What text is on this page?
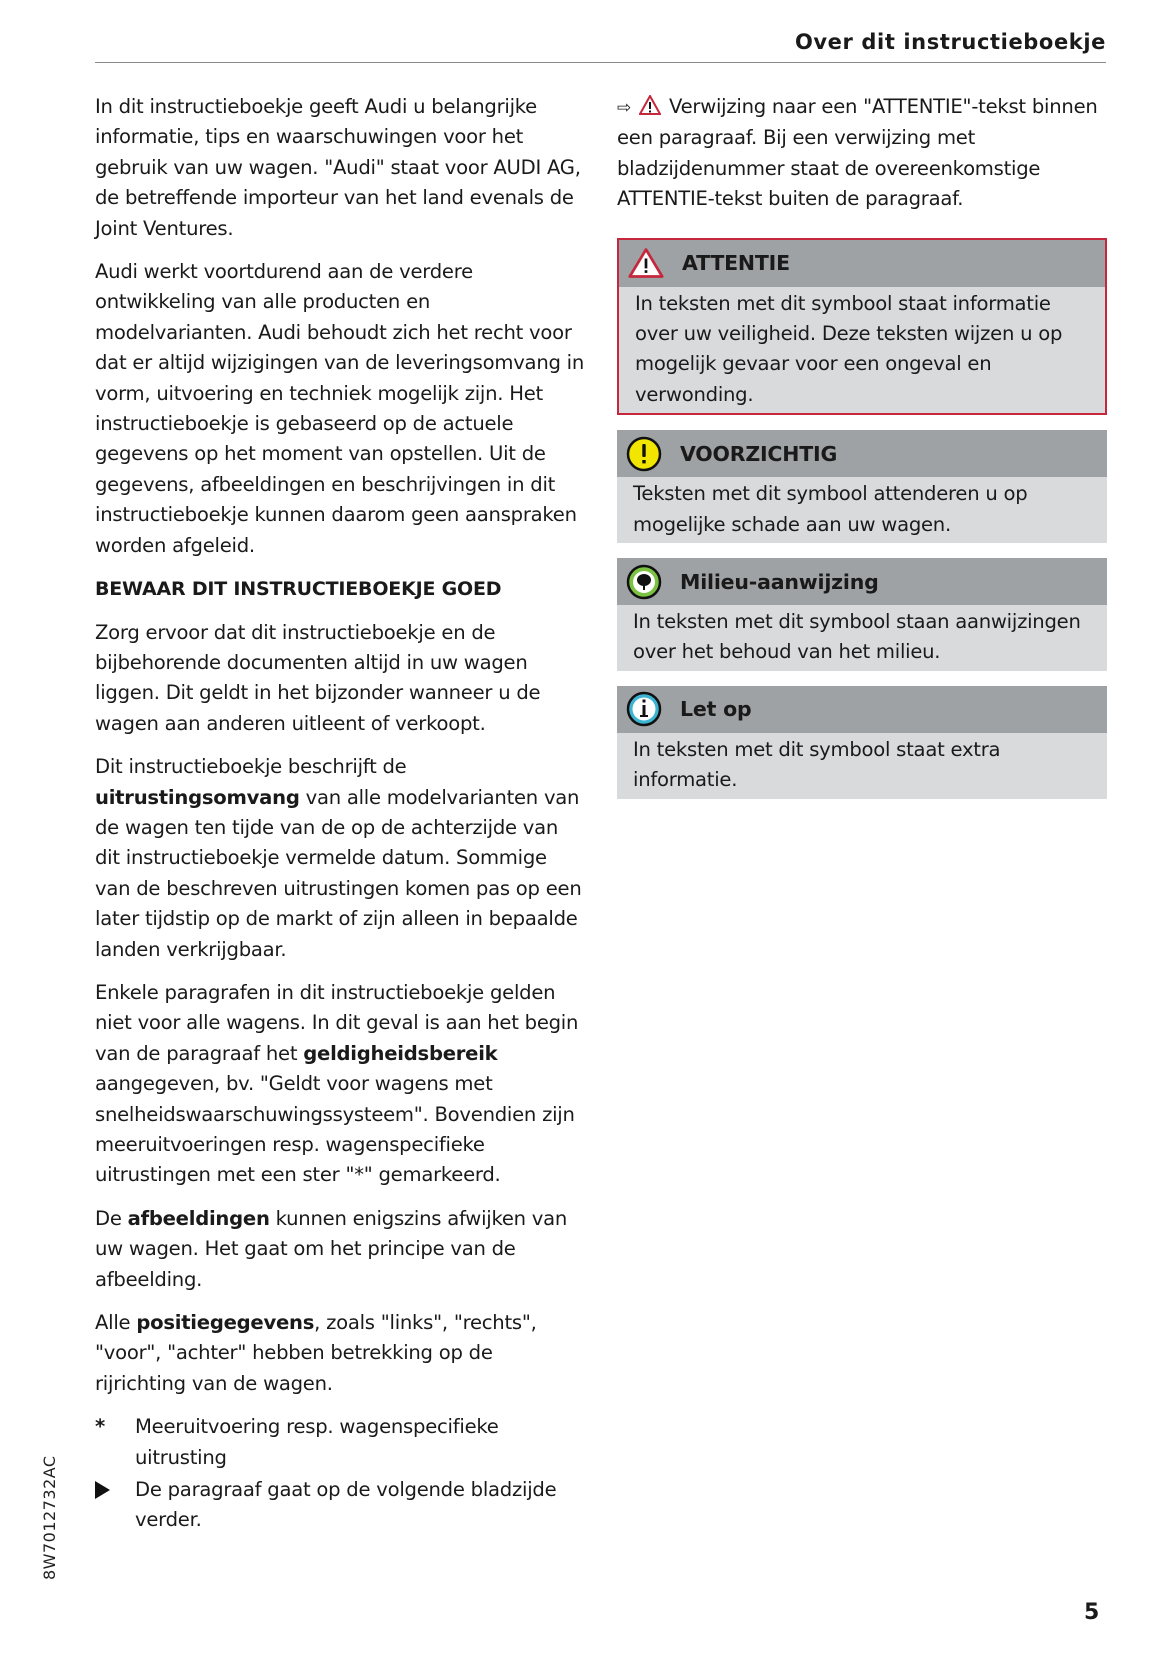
Over dit instructieboekje

In dit instructieboekje geeft Audi u belangrijke informatie, tips en waarschuwingen voor het gebruik van uw wagen. "Audi" staat voor AUDI AG, de betreffende importeur van het land evenals de Joint Ventures.

Audi werkt voortdurend aan de verdere ontwikkeling van alle producten en modelvarianten. Audi behoudt zich het recht voor dat er altijd wijzigingen van de leveringsomvang in vorm, uitvoering en techniek mogelijk zijn. Het instructieboekje is gebaseerd op de actuele gegevens op het moment van opstellen. Uit de gegevens, afbeeldingen en beschrijvingen in dit instructieboekje kunnen daarom geen aanspraken worden afgeleid.

BEWAAR DIT INSTRUCTIEBOEKJE GOED

Zorg ervoor dat dit instructieboekje en de bijbehorende documenten altijd in uw wagen liggen. Dit geldt in het bijzonder wanneer u de wagen aan anderen uitleent of verkoopt.

Dit instructieboekje beschrijft de uitrustingsomvang van alle modelvarianten van de wagen ten tijde van de op de achterzijde van dit instructieboekje vermelde datum. Sommige van de beschreven uitrustingen komen pas op een later tijdstip op de markt of zijn alleen in bepaalde landen verkrijgbaar.

Enkele paragrafen in dit instructieboekje gelden niet voor alle wagens. In dit geval is aan het begin van de paragraaf het geldigheidsbereik aangegeven, bv. "Geldt voor wagens met snelheidswaarschuwingssysteem". Bovendien zijn meeruitvoeringen resp. wagenspecifieke uitrustingen met een ster "*" gemarkeerd.

De afbeeldingen kunnen enigszins afwijken van uw wagen. Het gaat om het principe van de afbeelding.

Alle positiegegevens, zoals "links", "rechts", "voor", "achter" hebben betrekking op de rijrichting van de wagen.

*	Meeruitvoering resp. wagenspecifieke uitrusting
De paragraaf gaat op de volgende bladzijde verder.

⇨ Verwijzing naar een "ATTENTIE"-tekst binnen een paragraaf. Bij een verwijzing met bladzijdenummer staat de overeenkomstige ATTENTIE-tekst buiten de paragraaf.

ATTENTIE
In teksten met dit symbool staat informatie over uw veiligheid. Deze teksten wijzen u op mogelijk gevaar voor een ongeval en verwonding.
VOORZICHTIG
Teksten met dit symbool attenderen u op mogelijke schade aan uw wagen.
Milieu-aanwijzing
In teksten met dit symbool staan aanwijzingen over het behoud van het milieu.
Let op
In teksten met dit symbool staat extra informatie.
8W7012732AC
5
